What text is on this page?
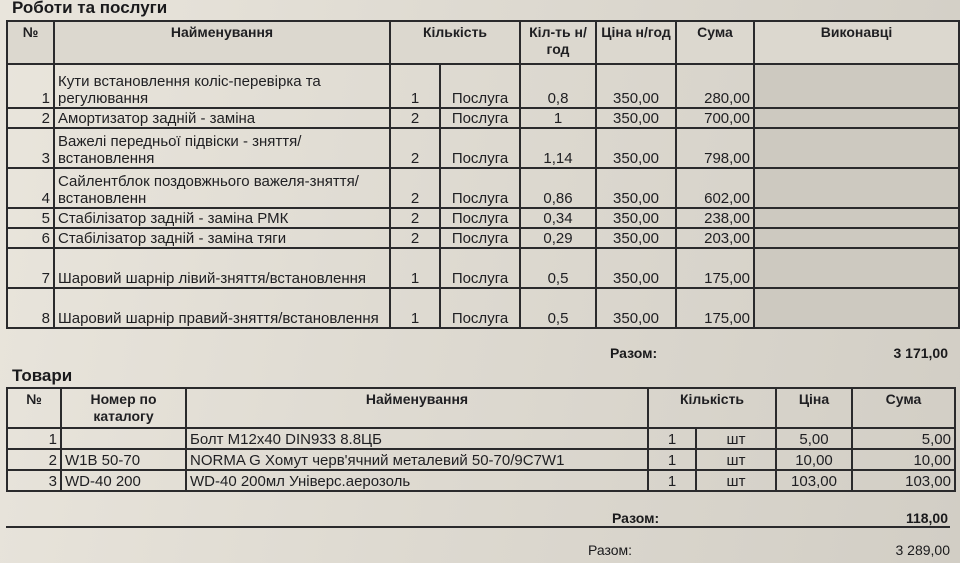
Роботи та послуги
№	Найменування	Кількість		Кіл-ть н/год	Ціна н/год	Сума	Виконавці
1	Кути встановлення коліс-перевірка та регулювання	1	Послуга	0,8	350,00	280,00	
2	Амортизатор задній - заміна	2	Послуга	1	350,00	700,00	
3	Важелі передньої підвіски - зняття/встановлення	2	Послуга	1,14	350,00	798,00	
4	Сайлентблок поздовжнього важеля-зняття/встановленн	2	Послуга	0,86	350,00	602,00	
5	Стабілізатор задній - заміна РМК	2	Послуга	0,34	350,00	238,00	
6	Стабілізатор задній - заміна тяги	2	Послуга	0,29	350,00	203,00	
7	Шаровий шарнір лівий-зняття/встановлення	1	Послуга	0,5	350,00	175,00	
8	Шаровий шарнір правий-зняття/встановлення	1	Послуга	0,5	350,00	175,00	
Разом:	3 171,00
Товари
№	Номер по каталогу	Найменування	Кількість		Ціна	Сума
1		Болт М12х40 DIN933 8.8ЦБ	1	шт	5,00	5,00
2	W1B 50-70	NORMA G Хомут черв'ячний металевий 50-70/9C7W1	1	шт	10,00	10,00
3	WD-40 200	WD-40 200мл Універс.аерозоль	1	шт	103,00	103,00
Разом:	118,00
Разом:	3 289,00
